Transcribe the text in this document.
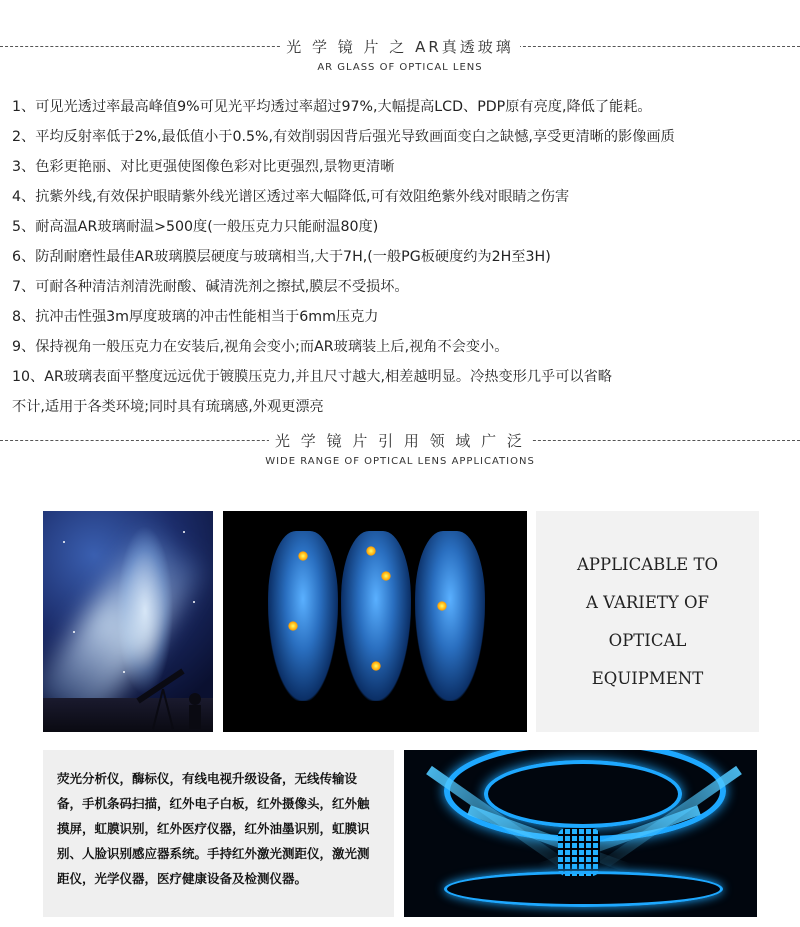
光 学 镜 片 之 AR真透玻璃
AR GLASS OF OPTICAL LENS
1、可见光透过率最高峰值9%可见光平均透过率超过97%,大幅提高LCD、PDP原有亮度,降低了能耗。
2、平均反射率低于2%,最低值小于0.5%,有效削弱因背后强光导致画面变白之缺憾,享受更清晰的影像画质
3、色彩更艳丽、对比更强使图像色彩对比更强烈,景物更清晰
4、抗紫外线,有效保护眼睛紫外线光谱区透过率大幅降低,可有效阻绝紫外线对眼睛之伤害
5、耐高温AR玻璃耐温>500度(一般压克力只能耐温80度)
6、防刮耐磨性最佳AR玻璃膜层硬度与玻璃相当,大于7H,(一般PG板硬度约为2H至3H)
7、可耐各种清洁剂清洗耐酸、碱清洗剂之擦拭,膜层不受损坏。
8、抗冲击性强3m厚度玻璃的冲击性能相当于6mm压克力
9、保持视角一般压克力在安装后,视角会变小;而AR玻璃装上后,视角不会变小。
10、AR玻璃表面平整度远远优于镀膜压克力,并且尺寸越大,相差越明显。冷热变形几乎可以省略
不计,适用于各类环境;同时具有琉璃感,外观更漂亮
光 学 镜 片 引 用 领 域 广 泛
WIDE RANGE OF OPTICAL LENS APPLICATIONS
APPLICABLE TO
A VARIETY OF
OPTICAL
EQUIPMENT

荧光分析仪，酶标仪，有线电视升级设备，无线传输设备，手机条码扫描，红外电子白板，红外摄像头，红外触摸屏，虹膜识别，红外医疗仪器，红外油墨识别，虹膜识别、人脸识别感应器系统。手持红外激光测距仪，激光测距仪，光学仪器，医疗健康设备及检测仪器。
